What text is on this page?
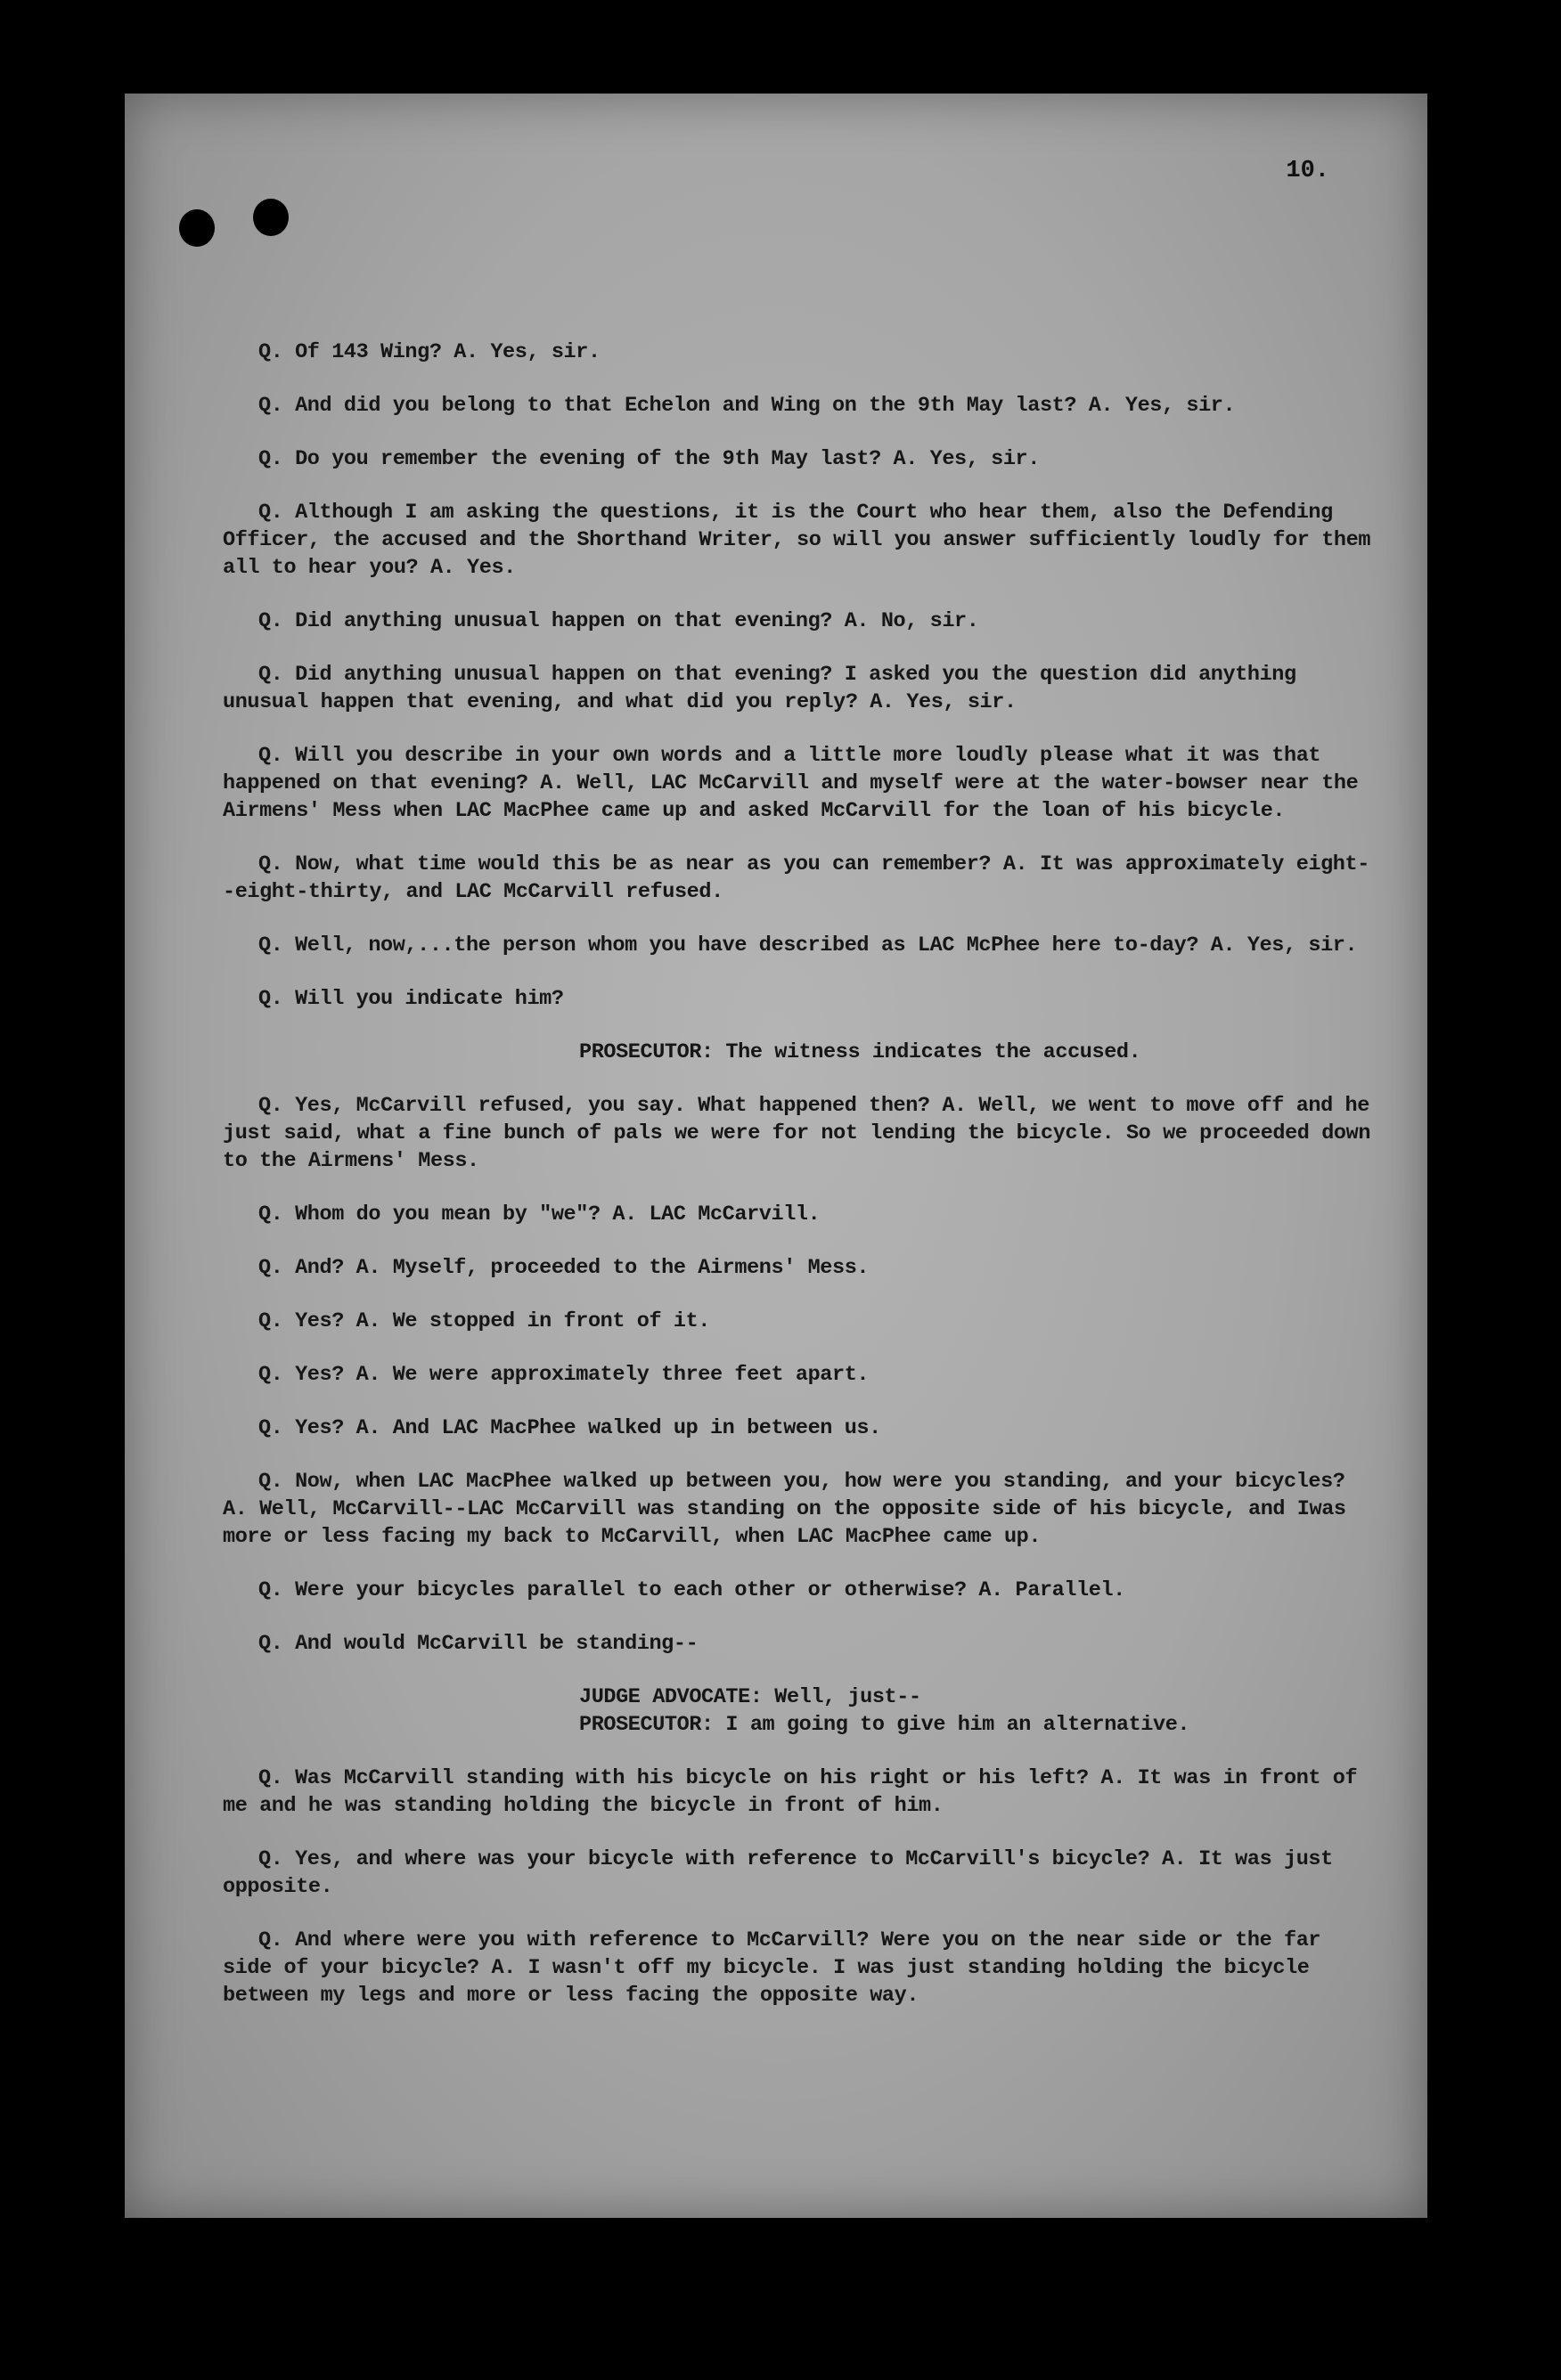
10.

Q. Of 143 Wing? A. Yes, sir.

Q. And did you belong to that Echelon and Wing on the 9th May last? A. Yes, sir.

Q. Do you remember the evening of the 9th May last? A. Yes, sir.

Q. Although I am asking the questions, it is the Court who hear them, also the Defending Officer, the accused and the Shorthand Writer, so will you answer sufficiently loudly for them all to hear you? A. Yes.

Q. Did anything unusual happen on that evening? A. No, sir.

Q. Did anything unusual happen on that evening? I asked you the question did anything unusual happen that evening, and what did you reply? A. Yes, sir.

Q. Will you describe in your own words and a little more loudly please what it was that happened on that evening? A. Well, LAC McCarvill and myself were at the water-bowser near the Airmens' Mess when LAC MacPhee came up and asked McCarvill for the loan of his bicycle.

Q. Now, what time would this be as near as you can remember? A. It was approximately eight--eight-thirty, and LAC McCarvill refused.

Q. Well, now,...the person whom you have described as LAC McPhee here to-day? A. Yes, sir.

Q. Will you indicate him?

PROSECUTOR: The witness indicates the accused.

Q. Yes, McCarvill refused, you say. What happened then? A. Well, we went to move off and he just said, what a fine bunch of pals we were for not lending the bicycle. So we proceeded down to the Airmens' Mess.

Q. Whom do you mean by "we"? A. LAC McCarvill.

Q. And? A. Myself, proceeded to the Airmens' Mess.

Q. Yes? A. We stopped in front of it.

Q. Yes? A. We were approximately three feet apart.

Q. Yes? A. And LAC MacPhee walked up in between us.

Q. Now, when LAC MacPhee walked up between you, how were you standing, and your bicycles? A. Well, McCarvill--LAC McCarvill was standing on the opposite side of his bicycle, and Iwas more or less facing my back to McCarvill, when LAC MacPhee came up.

Q. Were your bicycles parallel to each other or otherwise? A. Parallel.

Q. And would McCarvill be standing--

JUDGE ADVOCATE: Well, just--

PROSECUTOR: I am going to give him an alternative.

Q. Was McCarvill standing with his bicycle on his right or his left? A. It was in front of me and he was standing holding the bicycle in front of him.

Q. Yes, and where was your bicycle with reference to McCarvill's bicycle? A. It was just opposite.

Q. And where were you with reference to McCarvill? Were you on the near side or the far side of your bicycle? A. I wasn't off my bicycle. I was just standing holding the bicycle between my legs and more or less facing the opposite way.
